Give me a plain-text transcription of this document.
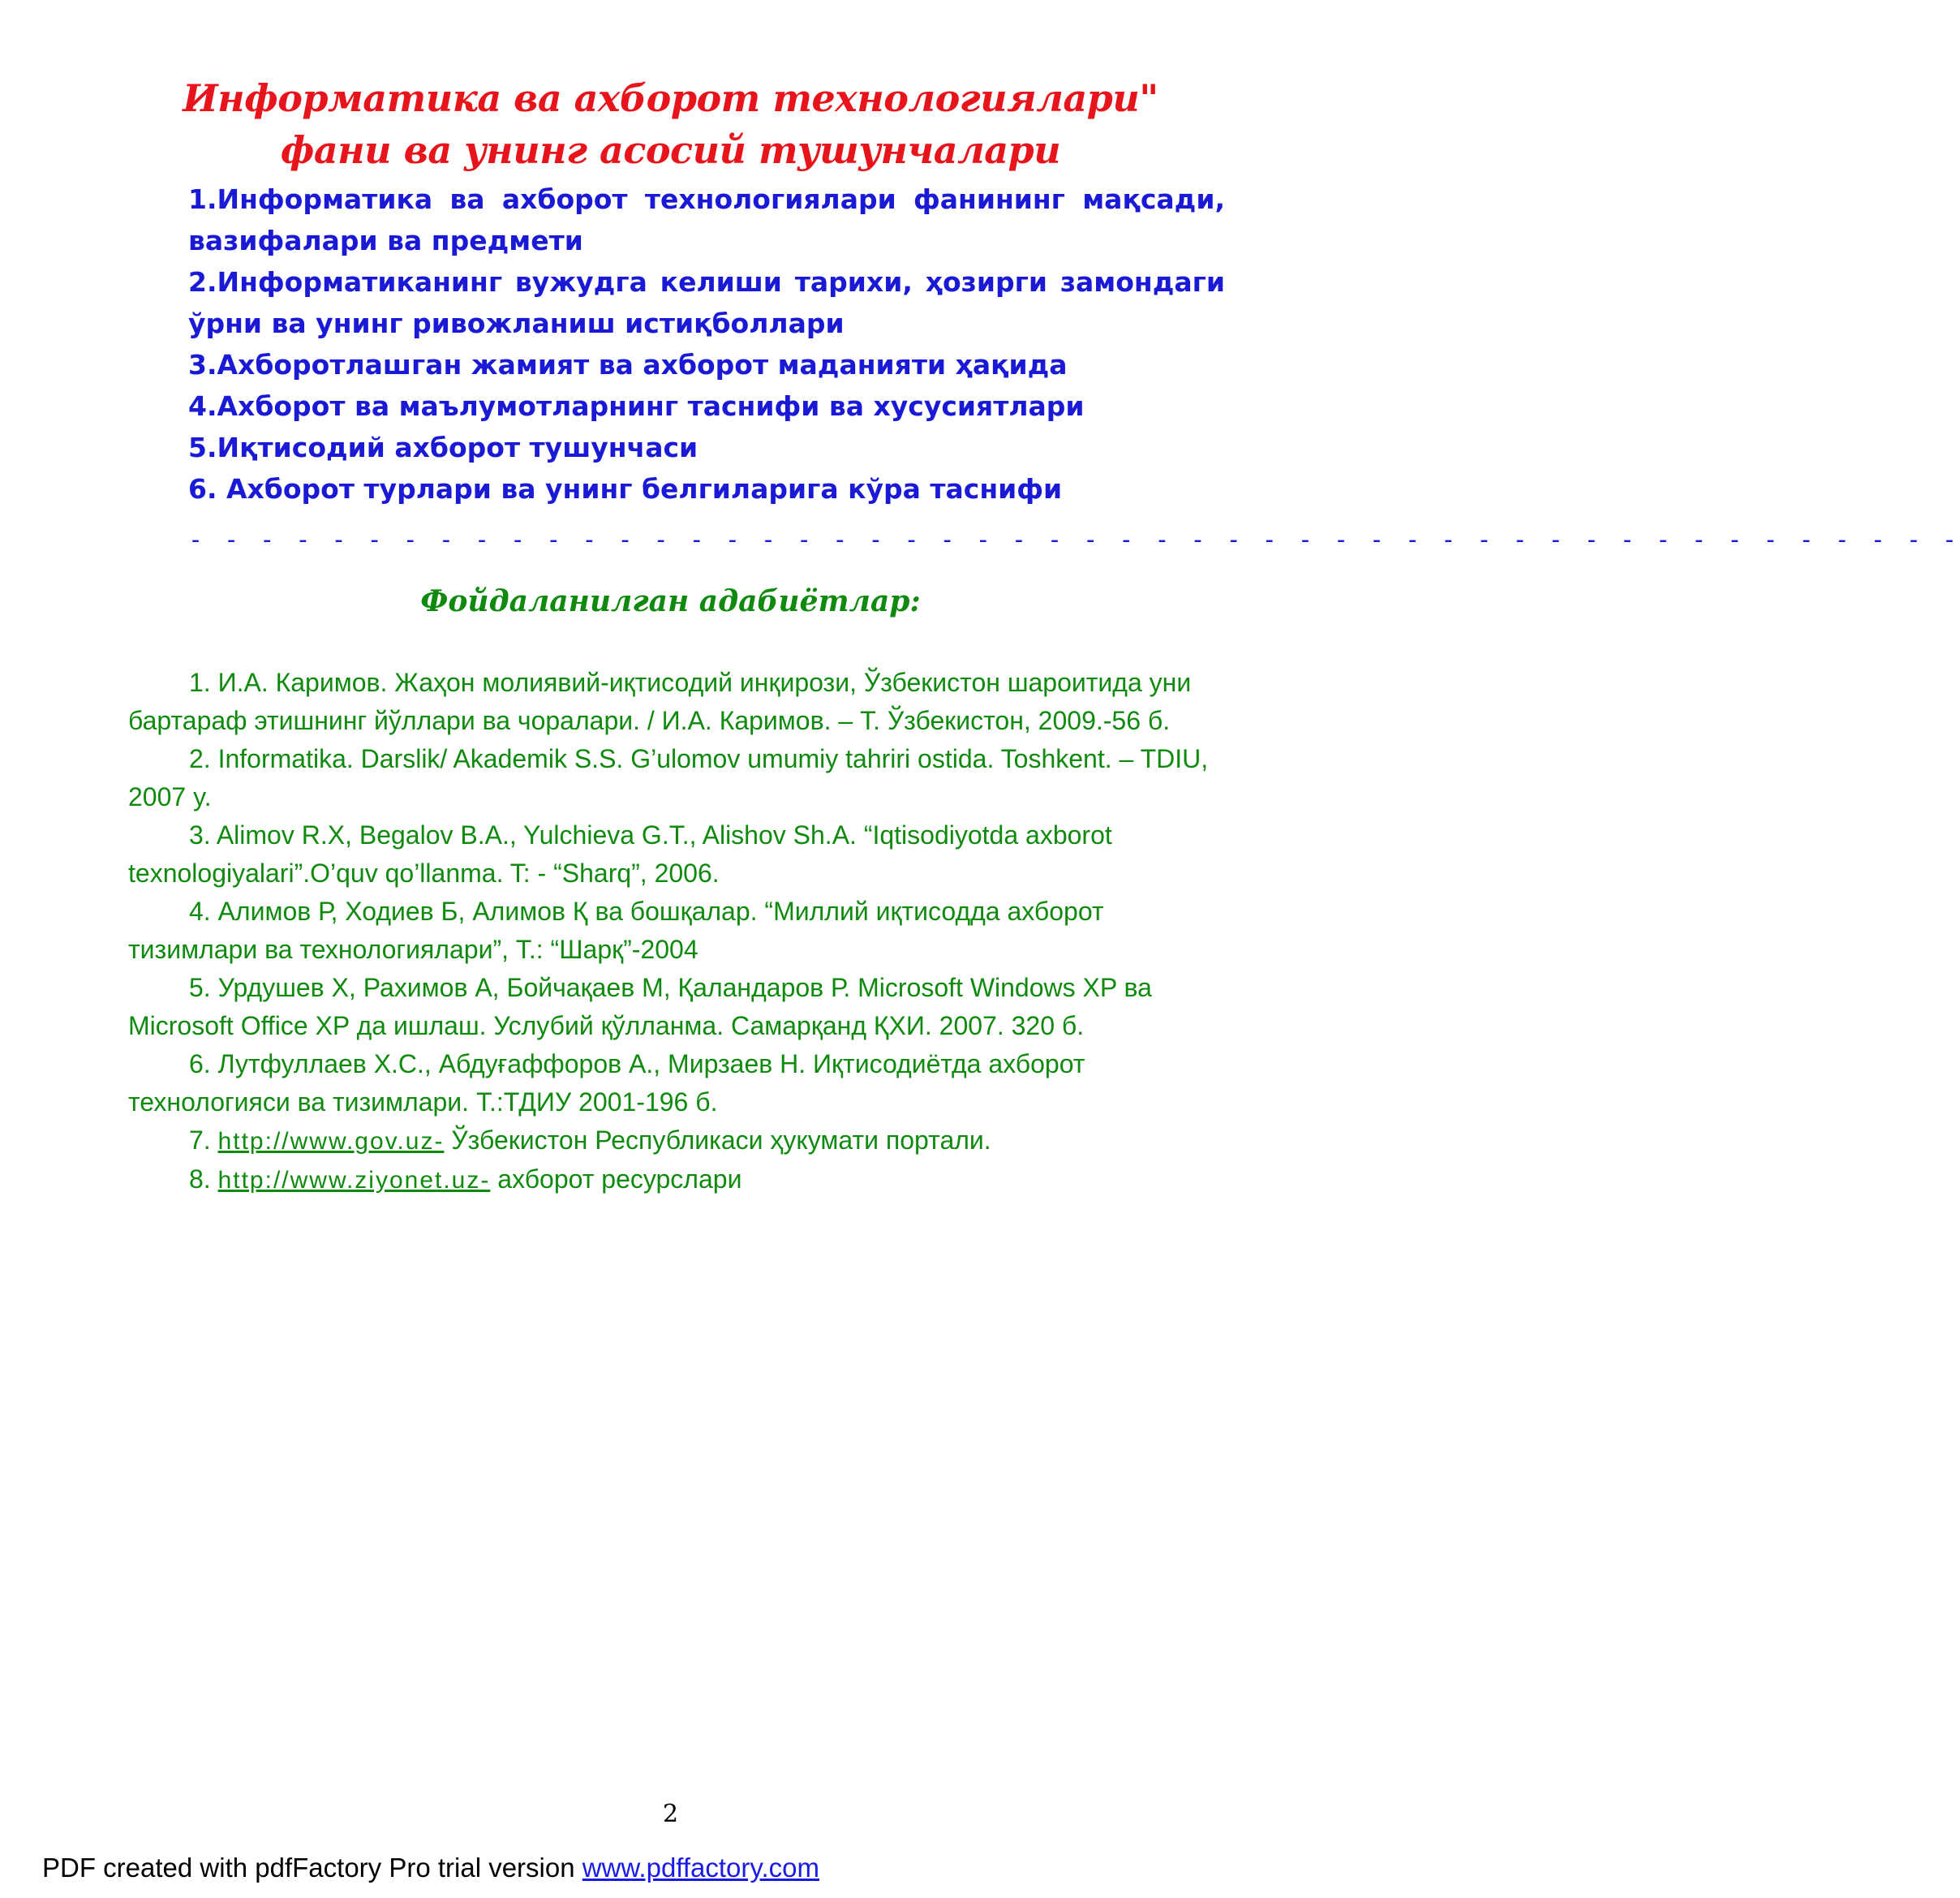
Информатика ва ахборот технологиялари"
фани ва унинг асосий тушунчалари
1.Информатика ва ахборот технологиялари фанининг мақсади, вазифалари ва предмети
2.Информатиканинг вужудга келиши тарихи, ҳозирги замондаги ўрни ва унинг ривожланиш истиқболлари
3.Ахборотлашган жамият ва ахборот маданияти ҳақида
4.Ахборот ва маълумотларнинг таснифи ва хусусиятлари
5.Иқтисодий ахборот тушунчаси
6. Ахборот турлари ва унинг белгиларига кўра таснифи
- - - - - - - - - - - - - - - - - - - - - - - - - - - - - - - - - - - - - - - - - - - - - - - - - -
Фойдаланилган адабиётлар:

1. И.А. Каримов. Жаҳон молиявий-иқтисодий инқирози, Ўзбекистон шароитида уни бартараф этишнинг йўллари ва чоралари. / И.А. Каримов. – Т. Ўзбекистон, 2009.-56 б.

2. Informatika. Darslik/ Akademik S.S. G’ulomov umumiy tahriri ostida. Toshkent. – TDIU, 2007 y.

3. Alimov R.X, Begalov B.A., Yulchieva G.T., Alishov Sh.A. “Iqtisodiyotda axborot texnologiyalari”.O’quv qo’llanma. T: - “Sharq”, 2006.

4. Алимов Р, Ходиев Б, Алимов Қ ва бошқалар. “Миллий иқтисодда ахборот тизимлари ва технологиялари”, Т.: “Шарқ”-2004

5. Урдушев Х, Рахимов А, Бойчақаев М, Қаландаров Р. Microsoft Windows XP ва Microsoft Office XP да ишлаш. Услубий қўлланма. Самарқанд ҚХИ. 2007. 320 б.

6. Лутфуллаев Х.С., Абдуғаффоров А., Мирзаев Н. Иқтисодиётда ахборот технологияси ва тизимлари. Т.:ТДИУ 2001-196 б.

7. http://www.gov.uz- Ўзбекистон Республикаси ҳукумати портали.

8. http://www.ziyonet.uz- ахборот ресурслари

2
PDF created with pdfFactory Pro trial version www.pdffactory.com
